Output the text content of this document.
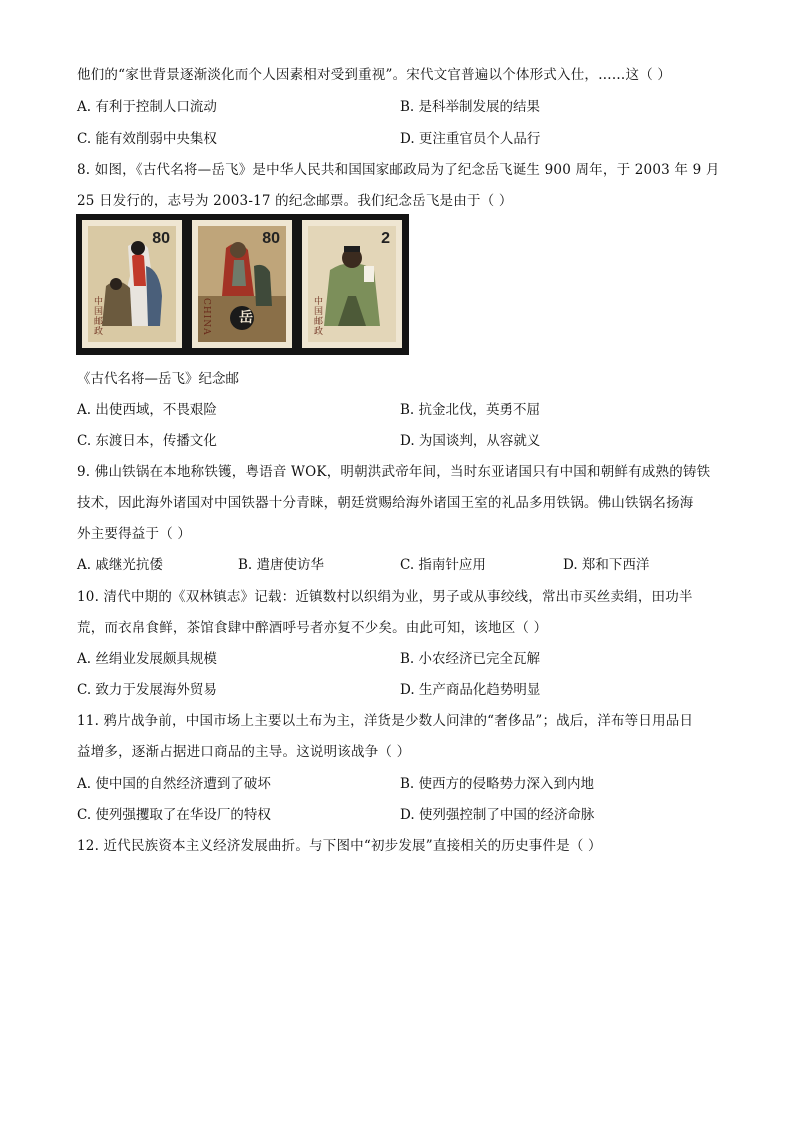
他们的“家世背景逐渐淡化而个人因素相对受到重视”。宋代文官普遍以个体形式入仕，……这（ ）
A. 有利于控制人口流动	B. 是科举制发展的结果
C. 能有效削弱中央集权	D. 更注重官员个人品行
8. 如图，《古代名将—岳飞》是中华人民共和国国家邮政局为了纪念岳飞诞生 900 周年，于 2003 年 9 月
25 日发行的，志号为 2003-17 的纪念邮票。我们纪念岳飞是由于（ ）
80
中国邮政
80
CHINA	岳
2
中国邮政
《古代名将—岳飞》纪念邮
A. 出使西域，不畏艰险	B. 抗金北伐，英勇不屈
C. 东渡日本，传播文化	D. 为国谈判，从容就义
9. 佛山铁锅在本地称铁镬，粤语音 WOK，明朝洪武帝年间，当时东亚诸国只有中国和朝鲜有成熟的铸铁
技术，因此海外诸国对中国铁器十分青睐，朝廷赏赐给海外诸国王室的礼品多用铁锅。佛山铁锅名扬海
外主要得益于（ ）
A. 戚继光抗倭	B. 遣唐使访华	C. 指南针应用	D. 郑和下西洋
10. 清代中期的《双林镇志》记载：近镇数村以织绢为业，男子或从事绞线，常出市买丝卖绢，田功半
荒，而衣帛食鲜，茶馆食肆中醉酒呼号者亦复不少矣。由此可知，该地区（ ）
A. 丝绢业发展颇具规模	B. 小农经济已完全瓦解
C. 致力于发展海外贸易	D. 生产商品化趋势明显
11. 鸦片战争前，中国市场上主要以土布为主，洋货是少数人问津的“奢侈品”；战后，洋布等日用品日
益增多，逐渐占据进口商品的主导。这说明该战争（ ）
A. 使中国的自然经济遭到了破坏	B. 使西方的侵略势力深入到内地
C. 使列强攫取了在华设厂的特权	D. 使列强控制了中国的经济命脉
12. 近代民族资本主义经济发展曲折。与下图中“初步发展”直接相关的历史事件是（ ）
